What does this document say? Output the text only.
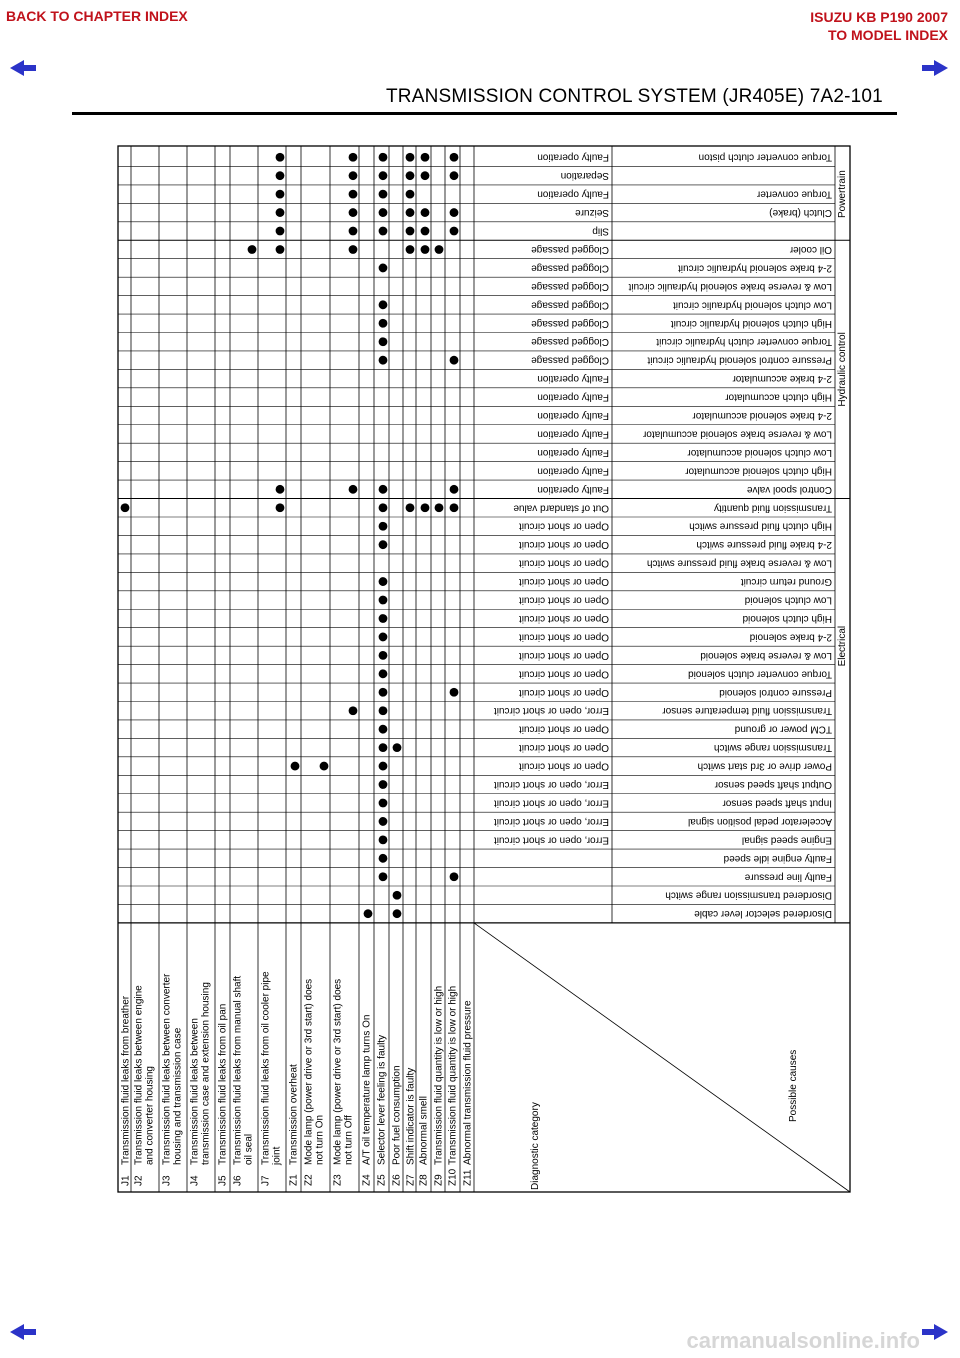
BACK TO CHAPTER INDEX	ISUZU KB P190 2007
TO MODEL INDEX
TRANSMISSION CONTROL SYSTEM (JR405E) 7A2-101
Torque converter clutch piston
Faulty operation
Separation
Torque converter
Faulty operation
Clutch (brake)
Seizure
Slip
Oil cooler
Clogged passage
2-4 brake solenoid hydraulic circuit
Clogged passage
Low & reverse brake solenoid hydraulic circuit
Clogged passage
Low clutch solenoid hydraulic circuit
Clogged passage
High clutch solenoid hydraulic circuit
Clogged passage
Torque converter clutch hydraulic circuit
Clogged passage
Pressure control solenoid hydraulic circuit
Clogged passage
2-4 brake accumulator
Faulty operation
High clutch accumulator
Faulty operation
2-4 brake solenoid accumulator
Faulty operation
Low & reverse brake solenoid accumulator
Faulty operation
Low clutch solenoid accumulator
Faulty operation
High clutch solenoid accumulator
Faulty operation
Control spool valve
Faulty operation
Transmission fluid quantity
Out of standard value
High clutch fluid pressure switch
Open or short circuit
2-4 brake fluid pressure switch
Open or short circuit
Low & reverse brake fluid pressure switch
Open or short circuit
Ground return circuit
Open or short circuit
Low clutch solenoid
Open or short circuit
High clutch solenoid
Open or short circuit
2-4 brake solenoid
Open or short circuit
Low & reverse brake solenoid
Open or short circuit
Torque converter clutch solenoid
Open or short circuit
Pressure control solenoid
Open or short circuit
Transmission fluid temperature sensor
Error, open or short circuit
TCM power or ground
Open or short circuit
Transmission range switch
Open or short circuit
Power drive or 3rd start switch
Open or short circuit
Output shaft speed sensor
Error, open or short circuit
Input shaft speed sensor
Error, open or short circuit
Accelerator pedal position signal
Error, open or short circuit
Engine speed signal
Error, open or short circuit
Faulty engine idle speed
Faulty line pressure
Disordered transmission range switch
Disordered selector lever cable
Powertrain
Hydraulic control
Electrical
J1
Transmission fluid leaks from breather
J2
Transmission fluid leaks between engine and converter housing
J3
Transmission fluid leaks between converter housing and transmission case
J4
Transmission fluid leaks between transmission case and extension housing
J5
Transmission fluid leaks from oil pan
J6
Transmission fluid leaks from manual shaft oil seal
J7
Transmission fluid leaks from oil cooler pipe joint
Z1
Transmission overheat
Z2
Mode lamp (power drive or 3rd start) does not turn On
Z3
Mode lamp (power drive or 3rd start) does not turn Off
Z4
A/T oil temperature lamp turns On
Z5
Selector lever feeling is faulty
Z6
Poor fuel consumption
Z7
Shift indicator is faulty
Z8
Abnormal smell
Z9
Transmission fluid quantity is low or high
Z10
Transmission fluid quantity is low or high
Z11
Abnormal transmission fluid pressure	Diagnostic category
Possible causes
carmanualsonline.info
